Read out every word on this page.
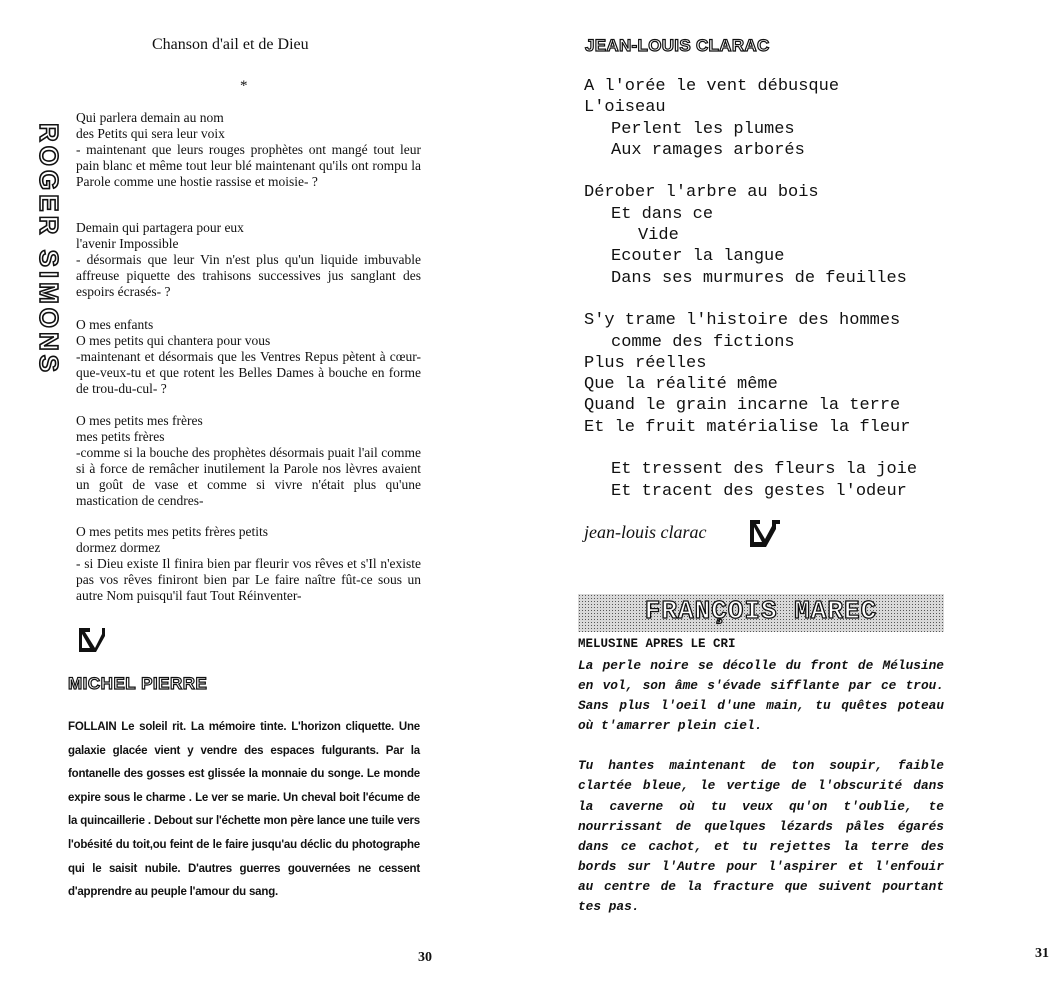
Chanson d'ail et de Dieu
*
ROGER SIMONS
Qui parlera demain au nom
des Petits qui sera leur voix
- maintenant que leurs rouges prophètes ont mangé tout leur pain blanc et même tout leur blé maintenant qu'ils ont rompu la Parole comme une hostie rassise et moisie- ?
Demain qui partagera pour eux
l'avenir Impossible
- désormais que leur Vin n'est plus qu'un liquide imbuvable affreuse piquette des trahisons successives jus sanglant des espoirs écrasés- ?
O mes enfants
O mes petits qui chantera pour vous
-maintenant et désormais que les Ventres Repus pètent à cœur-que-veux-tu et que rotent les Belles Dames à bouche en forme de trou-du-cul- ?
O mes petits mes frères
mes petits frères
-comme si la bouche des prophètes désormais puait l'ail comme si à force de remâcher inutilement la Parole nos lèvres avaient un goût de vase et comme si vivre n'était plus qu'une mastication de cendres-
O mes petits mes petits frères petits
dormez dormez
- si Dieu existe Il finira bien par fleurir vos rêves et s'Il n'existe pas vos rêves finiront bien par Le faire naître fût-ce sous un autre Nom puisqu'il faut Tout Réinventer-
MICHEL PIERRE
FOLLAIN Le soleil rit. La mémoire tinte. L'horizon cliquette. Une galaxie glacée vient y vendre des espaces fulgurants. Par la fontanelle des gosses est glissée la monnaie du songe. Le monde expire sous le charme . Le ver se marie. Un cheval boit l'écume de la quincaillerie . Debout sur l'échette mon père lance une tuile vers l'obésité du toit,ou feint de le faire jusqu'au déclic du photographe qui le saisit nubile. D'autres guerres gouvernées ne cessent d'apprendre au peuple l'amour du sang.
30
JEAN-LOUIS CLARAC
A l'orée le vent débusque
L'oiseau
Perlent les plumes
Aux ramages arborés
Dérober l'arbre au bois
Et dans ce
Vide
Ecouter la langue
Dans ses murmures de feuilles
S'y trame l'histoire des hommes
comme des fictions
Plus réelles
Que la réalité même
Quand le grain incarne la terre
Et le fruit matérialise la fleur
Et tressent des fleurs la joie
Et tracent des gestes l'odeur
jean-louis clarac
FRANÇOIS MAREC
MELUSINE APRES LE CRI

La perle noire se décolle du front de Mélusine en vol, son âme s'évade sifflante par ce trou. Sans plus l'oeil d'une main, tu quêtes poteau où t'amarrer plein ciel.

Tu hantes maintenant de ton soupir, faible clartée bleue, le vertige de l'obscurité dans la caverne où tu veux qu'on t'oublie, te nourrissant de quelques lézards pâles égarés dans ce cachot, et tu rejettes la terre des bords sur l'Autre pour l'aspirer et l'enfouir au centre de la fracture que suivent pourtant tes pas.

31
